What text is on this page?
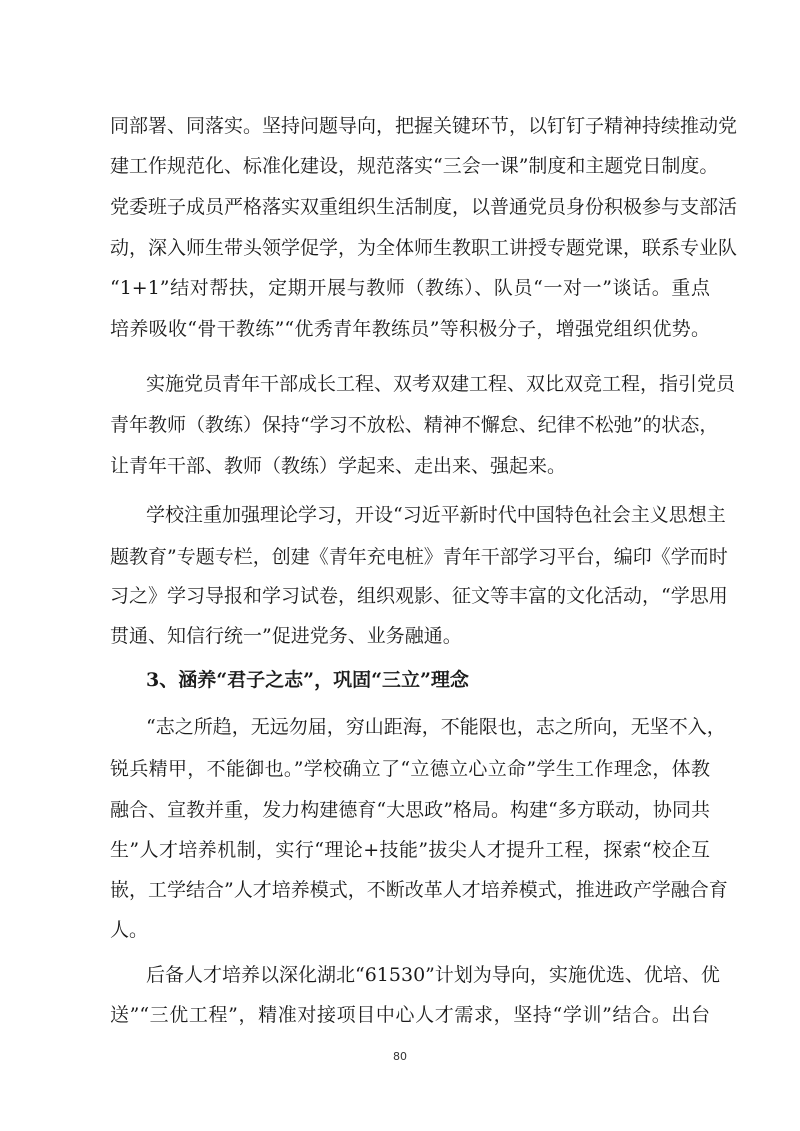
同部署、同落实。坚持问题导向，把握关键环节，以钉钉子精神持续推动党
建工作规范化、标准化建设，规范落实“三会一课”制度和主题党日制度。
党委班子成员严格落实双重组织生活制度，以普通党员身份积极参与支部活
动，深入师生带头领学促学，为全体师生教职工讲授专题党课，联系专业队
“1+1”结对帮扶，定期开展与教师（教练）、队员“一对一”谈话。重点
培养吸收“骨干教练”“优秀青年教练员”等积极分子，增强党组织优势。
实施党员青年干部成长工程、双考双建工程、双比双竞工程，指引党员
青年教师（教练）保持“学习不放松、精神不懈怠、纪律不松弛”的状态，
让青年干部、教师（教练）学起来、走出来、强起来。
学校注重加强理论学习，开设“习近平新时代中国特色社会主义思想主
题教育”专题专栏，创建《青年充电桩》青年干部学习平台，编印《学而时
习之》学习导报和学习试卷，组织观影、征文等丰富的文化活动，“学思用
贯通、知信行统一”促进党务、业务融通。
3、涵养“君子之志”，巩固“三立”理念
“志之所趋，无远勿届，穷山距海，不能限也，志之所向，无坚不入，
锐兵精甲，不能御也。”学校确立了“立德立心立命”学生工作理念，体教
融合、宣教并重，发力构建德育“大思政”格局。构建“多方联动，协同共
生”人才培养机制，实行“理论+技能”拔尖人才提升工程，探索“校企互
嵌，工学结合”人才培养模式，不断改革人才培养模式，推进政产学融合育
人。
后备人才培养以深化湖北“61530”计划为导向，实施优选、优培、优
送”“三优工程”，精准对接项目中心人才需求，坚持“学训”结合。出台
80
